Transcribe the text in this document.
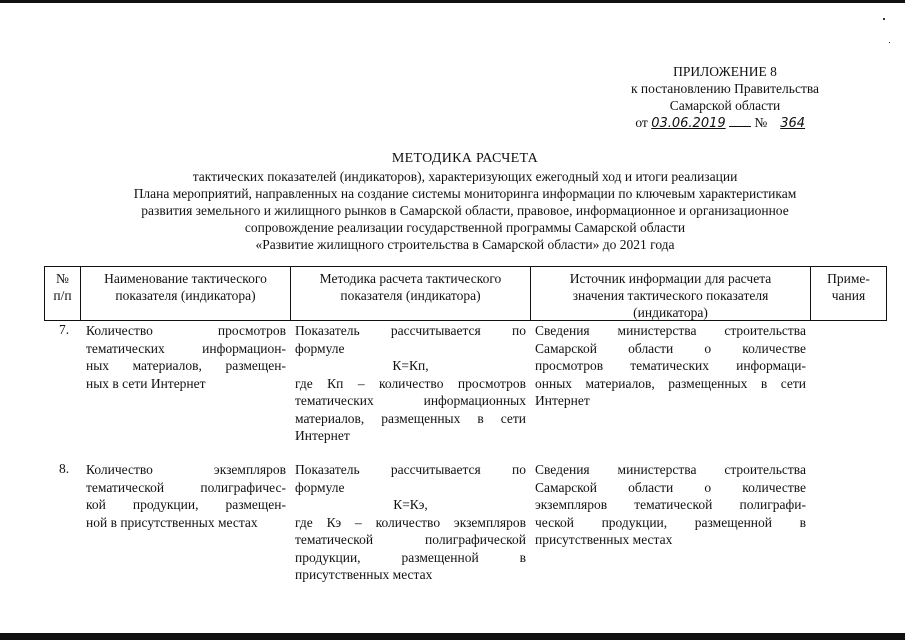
ПРИЛОЖЕНИЕ 8
к постановлению Правительства
Самарской области
от 03.06.2019 № 364
МЕТОДИКА РАСЧЕТА
тактических показателей (индикаторов), характеризующих ежегодный ход и итоги реализации
Плана мероприятий, направленных на создание системы мониторинга информации по ключевым характеристикам
развития земельного и жилищного рынков в Самарской области, правовое, информационное и организационное
сопровождение реализации государственной программы Самарской области
«Развитие жилищного строительства в Самарской области» до 2021 года
№
п/п
Наименование тактического
показателя (индикатора)
Методика расчета тактического
показателя (индикатора)
Источник информации для расчета
значения тактического показателя
(индикатора)
Приме-
чания
7.	Количество просмотров
тематических информацион-
ных материалов, размещен-
ных в сети Интернет
Показатель рассчитывается по
формуле
К=Кп,
где Кп – количество просмотров
тематических информационных
материалов, размещенных в сети
Интернет
Сведения министерства строительства
Самарской области о количестве
просмотров тематических информаци-
онных материалов, размещенных в сети
Интернет
8.	Количество экземпляров
тематической полиграфичес-
кой продукции, размещен-
ной в присутственных местах
Показатель рассчитывается по
формуле
К=Кэ,
где Кэ – количество экземпляров
тематической полиграфической
продукции, размещенной в
присутственных местах
Сведения министерства строительства
Самарской области о количестве
экземпляров тематической полиграфи-
ческой продукции, размещенной в
присутственных местах
